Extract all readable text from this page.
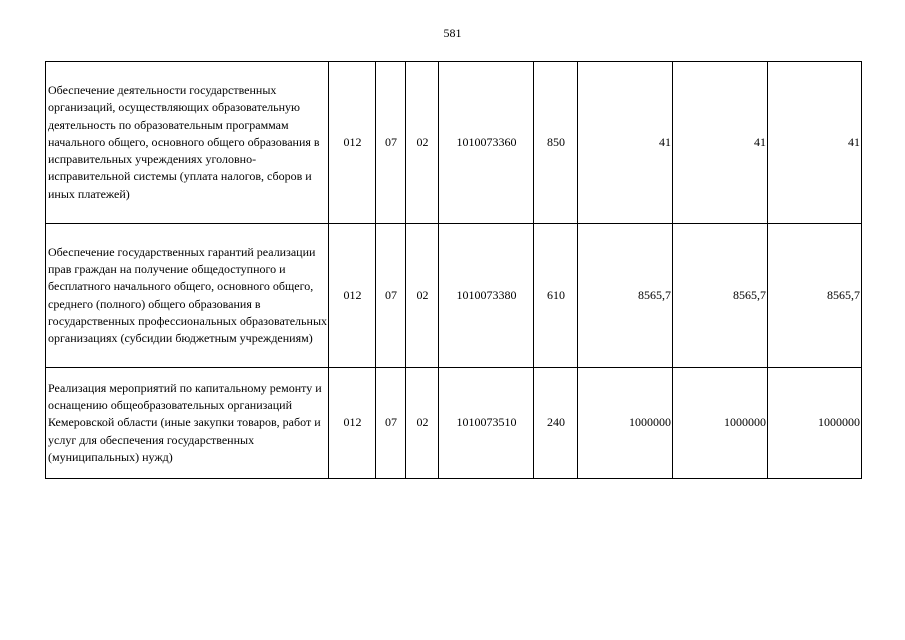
581
Обеспечение деятельности государственных организаций, осуществляющих образовательную деятельность по образовательным программам начального общего, основного общего образования в исправительных учреждениях уголовно-исправительной системы (уплата налогов, сборов и иных платежей)	012	07	02	1010073360	850	41	41	41
Обеспечение государственных гарантий реализации прав граждан на получение общедоступного и бесплатного начального общего, основного общего, среднего (полного) общего образования в государственных профессиональных образовательных организациях (субсидии бюджетным учреждениям)	012	07	02	1010073380	610	8565,7	8565,7	8565,7
Реализация мероприятий по капитальному ремонту и оснащению общеобразовательных организаций Кемеровской области (иные закупки товаров, работ и услуг для обеспечения государственных (муниципальных) нужд)	012	07	02	1010073510	240	1000000	1000000	1000000
